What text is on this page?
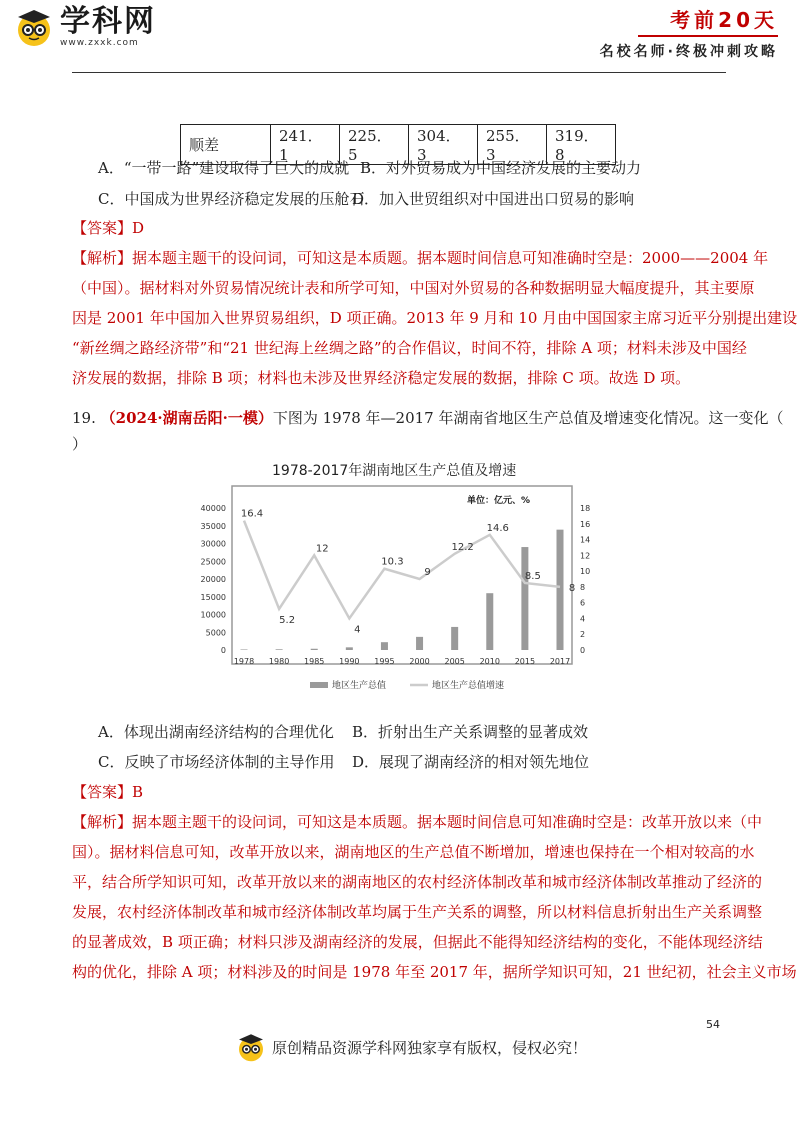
学科网
www.zxxk.com
考前20天
名校名师·终极冲刺攻略
顺差	241．1	225．5	304．3	255．3	319．8
A．“一带一路”建设取得了巨大的成就 B．对外贸易成为中国经济发展的主要动力
C．中国成为世界经济稳定发展的压舱石
D．加入世贸组织对中国进出口贸易的影响
【答案】D
【解析】据本题主题干的设问词，可知这是本质题。据本题时间信息可知准确时空是：2000——2004 年
（中国）。据材料对外贸易情况统计表和所学可知，中国对外贸易的各种数据明显大幅度提升，其主要原
因是 2001 年中国加入世界贸易组织，D 项正确。2013 年 9 月和 10 月由中国国家主席习近平分别提出建设
“新丝绸之路经济带”和“21 世纪海上丝绸之路”的合作倡议，时间不符，排除 A 项；材料未涉及中国经
济发展的数据，排除 B 项；材料也未涉及世界经济稳定发展的数据，排除 C 项。故选 D 项。
19. （2024·湖南岳阳·一模）下图为 1978 年—2017 年湖南省地区生产总值及增速变化情况。这一变化（
）
1978-2017年湖南地区生产总值及增速
16.4
5.2
12
4
10.3
9
12.2
14.6
8.5
8
0
5000
10000
15000
20000
25000
30000
35000
40000
0
2
4
6
8
10
12
14
16
18
1978 1980 1985 1990 1995 2000 2005 2010 2015 2017
单位：亿元、%
地区生产总值	地区生产总值增速
A．体现出湖南经济结构的合理优化 B．折射出生产关系调整的显著成效
C．反映了市场经济体制的主导作用 D．展现了湖南经济的相对领先地位
【答案】B
【解析】据本题主题干的设问词，可知这是本质题。据本题时间信息可知准确时空是：改革开放以来（中
国）。据材料信息可知，改革开放以来，湖南地区的生产总值不断增加，增速也保持在一个相对较高的水
平，结合所学知识可知，改革开放以来的湖南地区的农村经济体制改革和城市经济体制改革推动了经济的
发展，农村经济体制改革和城市经济体制改革均属于生产关系的调整，所以材料信息折射出生产关系调整
的显著成效，B 项正确；材料只涉及湖南经济的发展，但据此不能得知经济结构的变化，不能体现经济结
构的优化，排除 A 项；材料涉及的时间是 1978 年至 2017 年，据所学知识可知，21 世纪初，社会主义市场
54
原创精品资源学科网独家享有版权，侵权必究！
